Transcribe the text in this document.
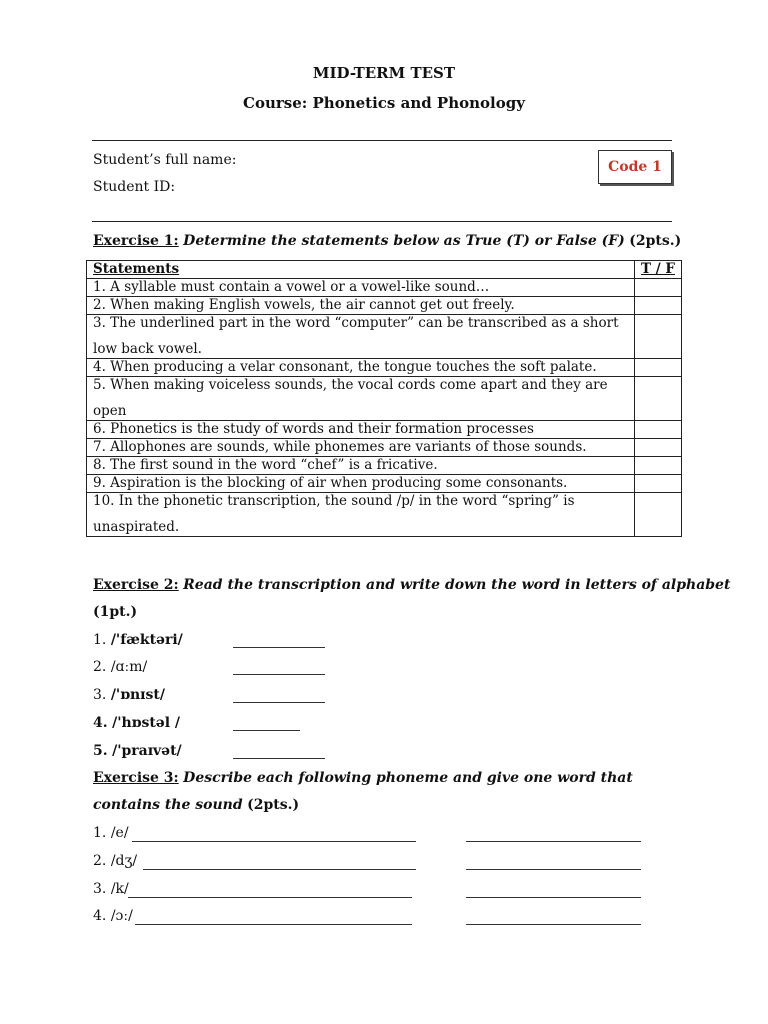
MID-TERM TEST
Course: Phonetics and Phonology
Student’s full name:
Student ID:
Code 1
Exercise 1: Determine the statements below as True (T) or False (F) (2pts.)
Statements	T / F
1. A syllable must contain a vowel or a vowel-like sound…	
2. When making English vowels, the air cannot get out freely.	
3. The underlined part in the word “computer” can be transcribed as a short
low back vowel.	

4. When producing a velar consonant, the tongue touches the soft palate.	
5. When making voiceless sounds, the vocal cords come apart and they are
open	

6. Phonetics is the study of words and their formation processes	
7. Allophones are sounds, while phonemes are variants of those sounds.	
8. The first sound in the word “chef” is a fricative.	
9. Aspiration is the blocking of air when producing some consonants.	
10. In the phonetic transcription, the sound /p/ in the word “spring” is
unaspirated.	

Exercise 2: Read the transcription and write down the word in letters of alphabet
(1pt.)
1. /'fæktəri/
2. /ɑːm/
3. /'ɒnɪst/
4. /'hɒstəl /
5. /'praɪvət/
Exercise 3: Describe each following phoneme and give one word that
contains the sound (2pts.)
1. /e/
2. /dʒ/
3. /k/
4. /ɔː/
